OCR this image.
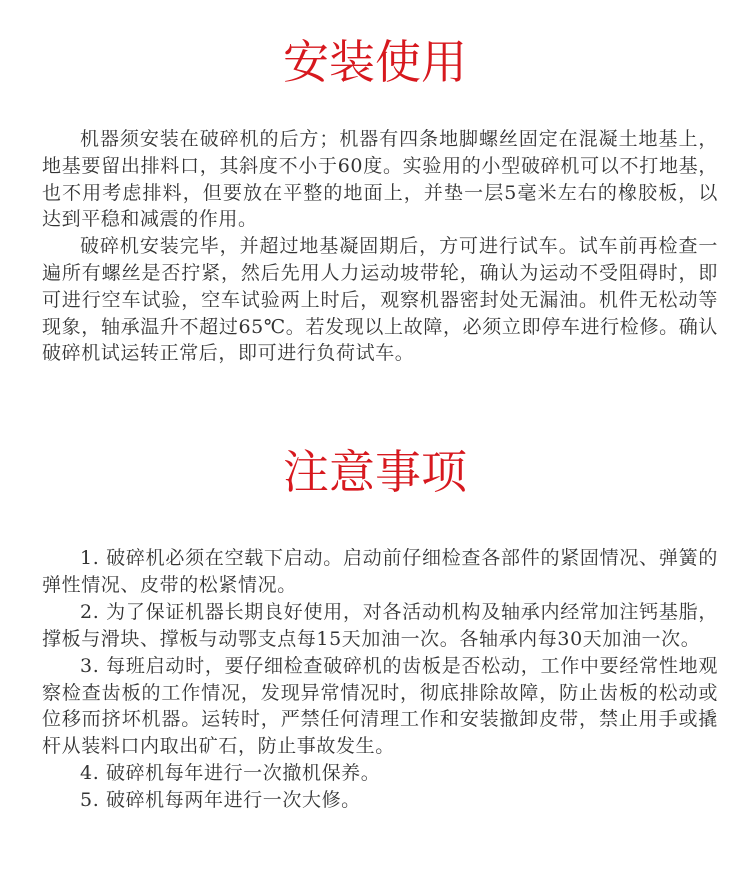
安装使用

机器须安装在破碎机的后方；机器有四条地脚螺丝固定在混凝土地基上，地基要留出排料口，其斜度不小于60度。实验用的小型破碎机可以不打地基，也不用考虑排料，但要放在平整的地面上，并垫一层5毫米左右的橡胶板，以达到平稳和减震的作用。

破碎机安装完毕，并超过地基凝固期后，方可进行试车。试车前再检查一遍所有螺丝是否拧紧，然后先用人力运动坡带轮，确认为运动不受阻碍时，即可进行空车试验，空车试验两上时后，观察机器密封处无漏油。机件无松动等现象，轴承温升不超过65℃。若发现以上故障，必须立即停车进行检修。确认破碎机试运转正常后，即可进行负荷试车。

注意事项

1. 破碎机必须在空载下启动。启动前仔细检查各部件的紧固情况、弹簧的弹性情况、皮带的松紧情况。

2. 为了保证机器长期良好使用，对各活动机构及轴承内经常加注钙基脂，撑板与滑块、撑板与动鄂支点每15天加油一次。各轴承内每30天加油一次。

3. 每班启动时，要仔细检查破碎机的齿板是否松动，工作中要经常性地观察检查齿板的工作情况，发现异常情况时，彻底排除故障，防止齿板的松动或位移而挤坏机器。运转时，严禁任何清理工作和安装撤卸皮带，禁止用手或撬杆从装料口内取出矿石，防止事故发生。

4. 破碎机每年进行一次撤机保养。

5. 破碎机每两年进行一次大修。
